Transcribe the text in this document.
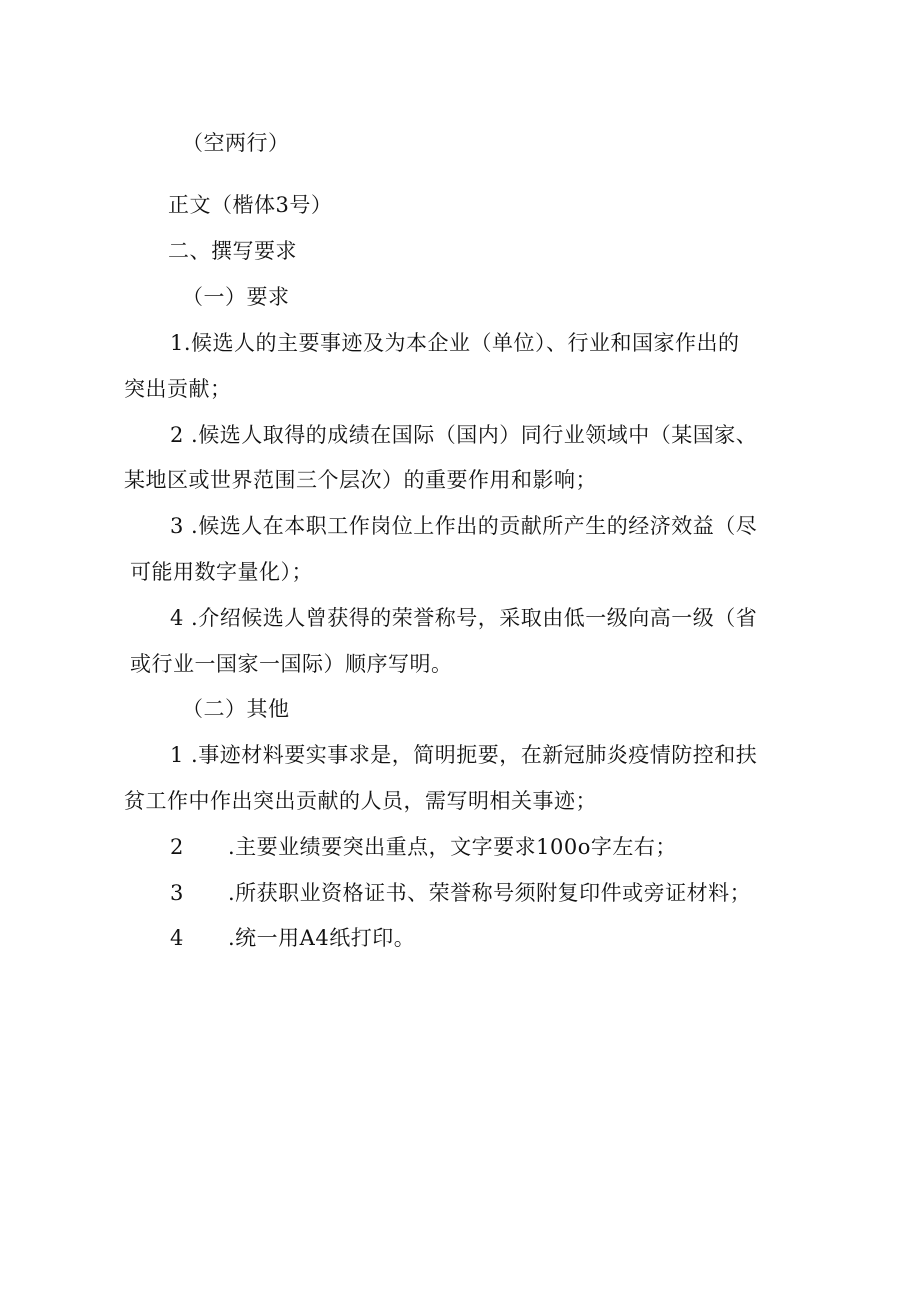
（空两行）
正文（楷体3号）
二、撰写要求
（一）要求
1.候选人的主要事迹及为本企业（单位）、行业和国家作出的
突出贡献；
2 .候选人取得的成绩在国际（国内）同行业领域中（某国家、
某地区或世界范围三个层次）的重要作用和影响；
3 .候选人在本职工作岗位上作出的贡献所产生的经济效益（尽
可能用数字量化）；
4 .介绍候选人曾获得的荣誉称号，采取由低一级向高一级（省
或行业一国家一国际）顺序写明。
（二）其他
1 .事迹材料要实事求是，简明扼要，在新冠肺炎疫情防控和扶
贫工作中作出突出贡献的人员，需写明相关事迹；
2 .主要业绩要突出重点，文字要求100o字左右；
3 .所获职业资格证书、荣誉称号须附复印件或旁证材料；
4 .统一用A4纸打印。
